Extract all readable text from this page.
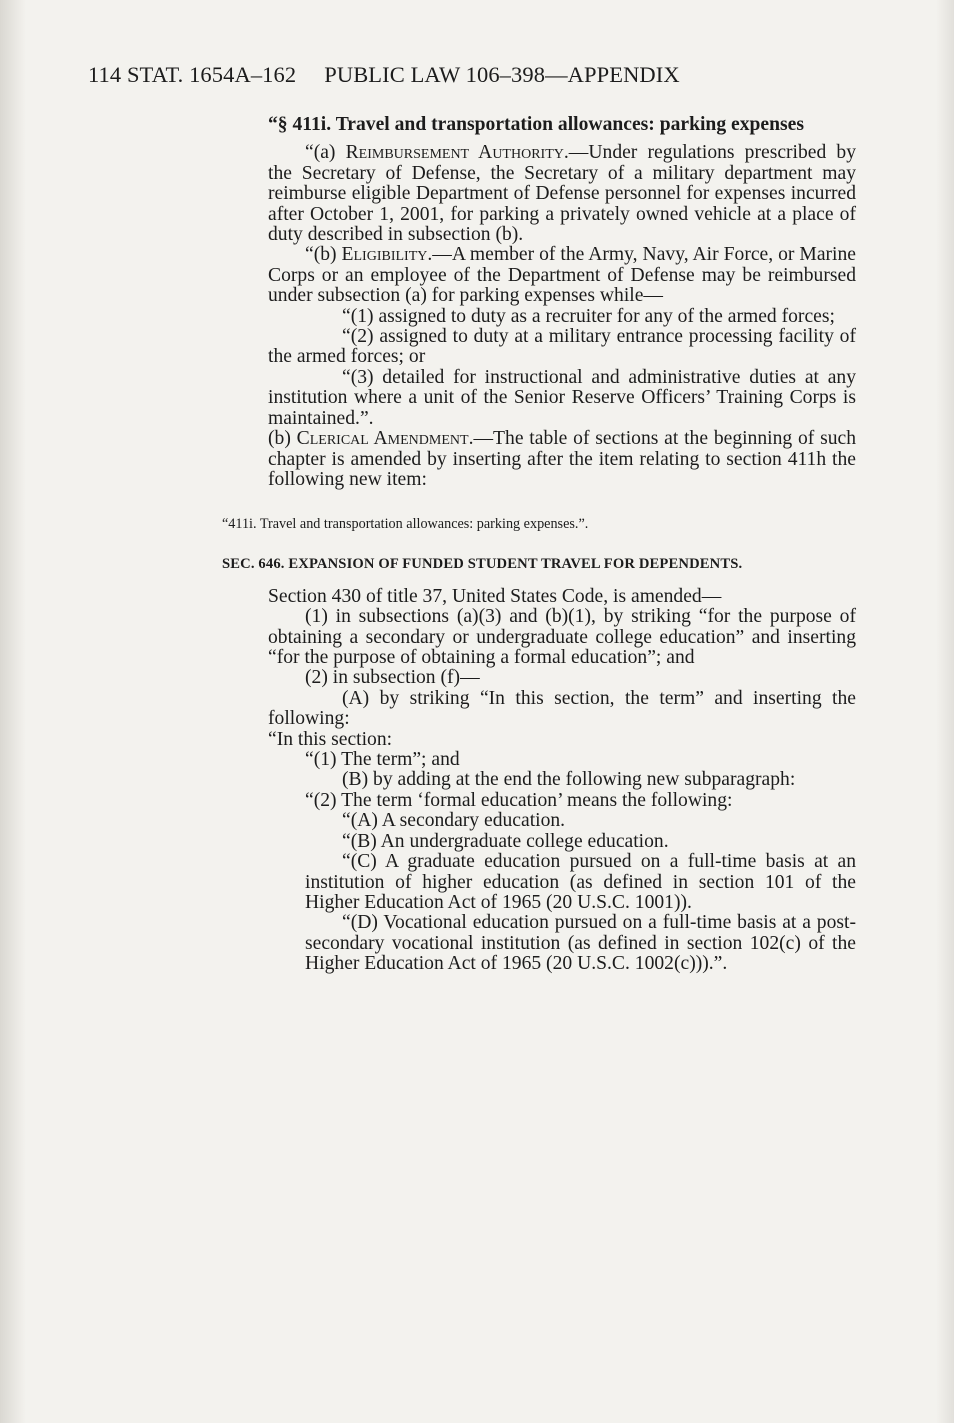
114 STAT. 1654A–162 PUBLIC LAW 106–398—APPENDIX

“§ 411i. Travel and transportation allowances: parking expenses

“(a) Reimbursement Authority.—Under regulations prescribed by the Secretary of Defense, the Secretary of a military department may reimburse eligible Department of Defense personnel for expenses incurred after October 1, 2001, for parking a privately owned vehicle at a place of duty described in subsection (b).

“(b) Eligibility.—A member of the Army, Navy, Air Force, or Marine Corps or an employee of the Department of Defense may be reimbursed under subsection (a) for parking expenses while—

“(1) assigned to duty as a recruiter for any of the armed forces;

“(2) assigned to duty at a military entrance processing facility of the armed forces; or

“(3) detailed for instructional and administrative duties at any institution where a unit of the Senior Reserve Officers’ Training Corps is maintained.”.

(b) Clerical Amendment.—The table of sections at the beginning of such chapter is amended by inserting after the item relating to section 411h the following new item:

“411i. Travel and transportation allowances: parking expenses.”.

SEC. 646. EXPANSION OF FUNDED STUDENT TRAVEL FOR DEPENDENTS.

Section 430 of title 37, United States Code, is amended—

(1) in subsections (a)(3) and (b)(1), by striking “for the purpose of obtaining a secondary or undergraduate college education” and inserting “for the purpose of obtaining a formal education”; and

(2) in subsection (f)—

(A) by striking “In this section, the term” and inserting the following:

“In this section:

“(1) The term”; and

(B) by adding at the end the following new subparagraph:

“(2) The term ‘formal education’ means the following:

“(A) A secondary education.

“(B) An undergraduate college education.

“(C) A graduate education pursued on a full-time basis at an institution of higher education (as defined in section 101 of the Higher Education Act of 1965 (20 U.S.C. 1001)).

“(D) Vocational education pursued on a full-time basis at a post-secondary vocational institution (as defined in section 102(c) of the Higher Education Act of 1965 (20 U.S.C. 1002(c))).”.
